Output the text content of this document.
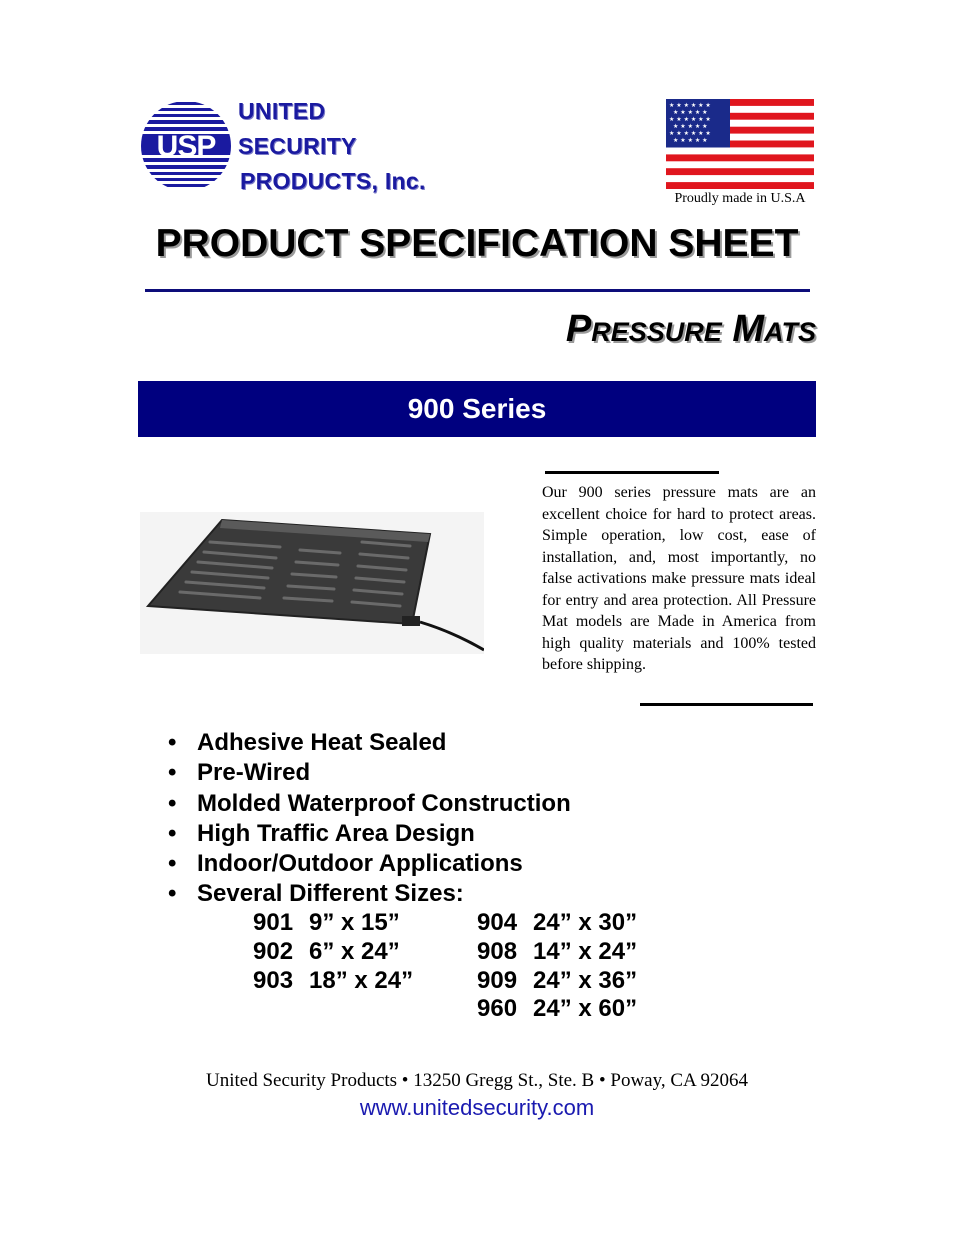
USP
UNITED
SECURITY
PRODUCTS, Inc.
★ ★ ★ ★ ★ ★
★ ★ ★ ★ ★
★ ★ ★ ★ ★ ★
★ ★ ★ ★ ★
★ ★ ★ ★ ★ ★
★ ★ ★ ★ ★
Proudly made in U.S.A
PRODUCT SPECIFICATION SHEET
Pressure Mats
900 Series
Our 900 series pressure mats are an excellent choice for hard to protect areas. Simple operation, low cost, ease of installation, and, most importantly, no false activations make pressure mats ideal for entry and area protection. All Pressure Mat models are Made in America from high quality materials and 100% tested before shipping.
• Adhesive Heat Sealed
• Pre-Wired
• Molded Waterproof Construction
• High Traffic Area Design
• Indoor/Outdoor Applications
• Several Different Sizes:
901 9” x 15”
902 6” x 24”
903 18” x 24”
904 24” x 30”
908 14” x 24”
909 24” x 36”
960 24” x 60”
United Security Products • 13250 Gregg St., Ste. B • Poway, CA 92064
www.unitedsecurity.com
